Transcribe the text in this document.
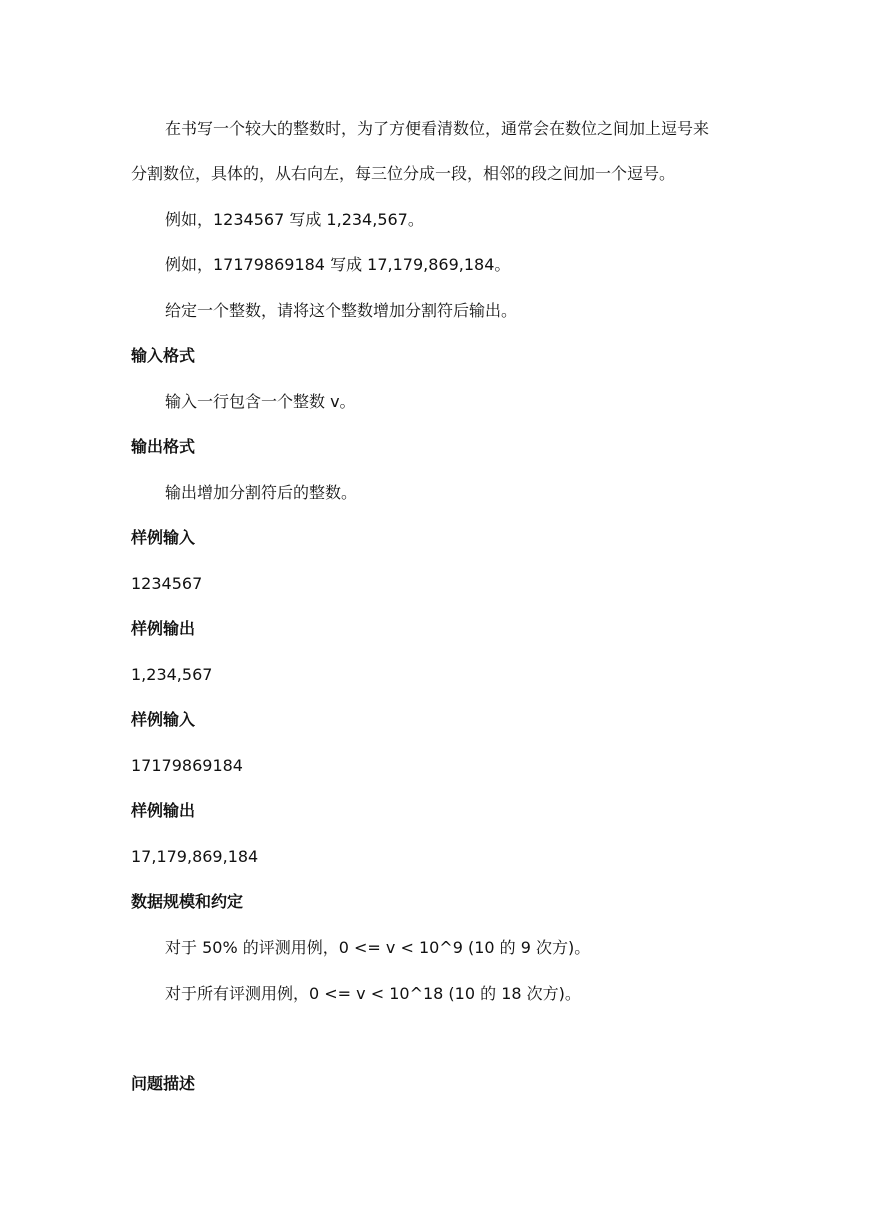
在书写一个较大的整数时，为了方便看清数位，通常会在数位之间加上逗号来
分割数位，具体的，从右向左，每三位分成一段，相邻的段之间加一个逗号。
例如，1234567 写成 1,234,567。
例如，17179869184 写成 17,179,869,184。
给定一个整数，请将这个整数增加分割符后输出。
输入格式
输入一行包含一个整数 v。
输出格式
输出增加分割符后的整数。
样例输入
1234567
样例输出
1,234,567
样例输入
17179869184
样例输出
17,179,869,184
数据规模和约定
对于 50% 的评测用例，0 <= v < 10^9 (10 的 9 次方)。
对于所有评测用例，0 <= v < 10^18 (10 的 18 次方)。
问题描述
